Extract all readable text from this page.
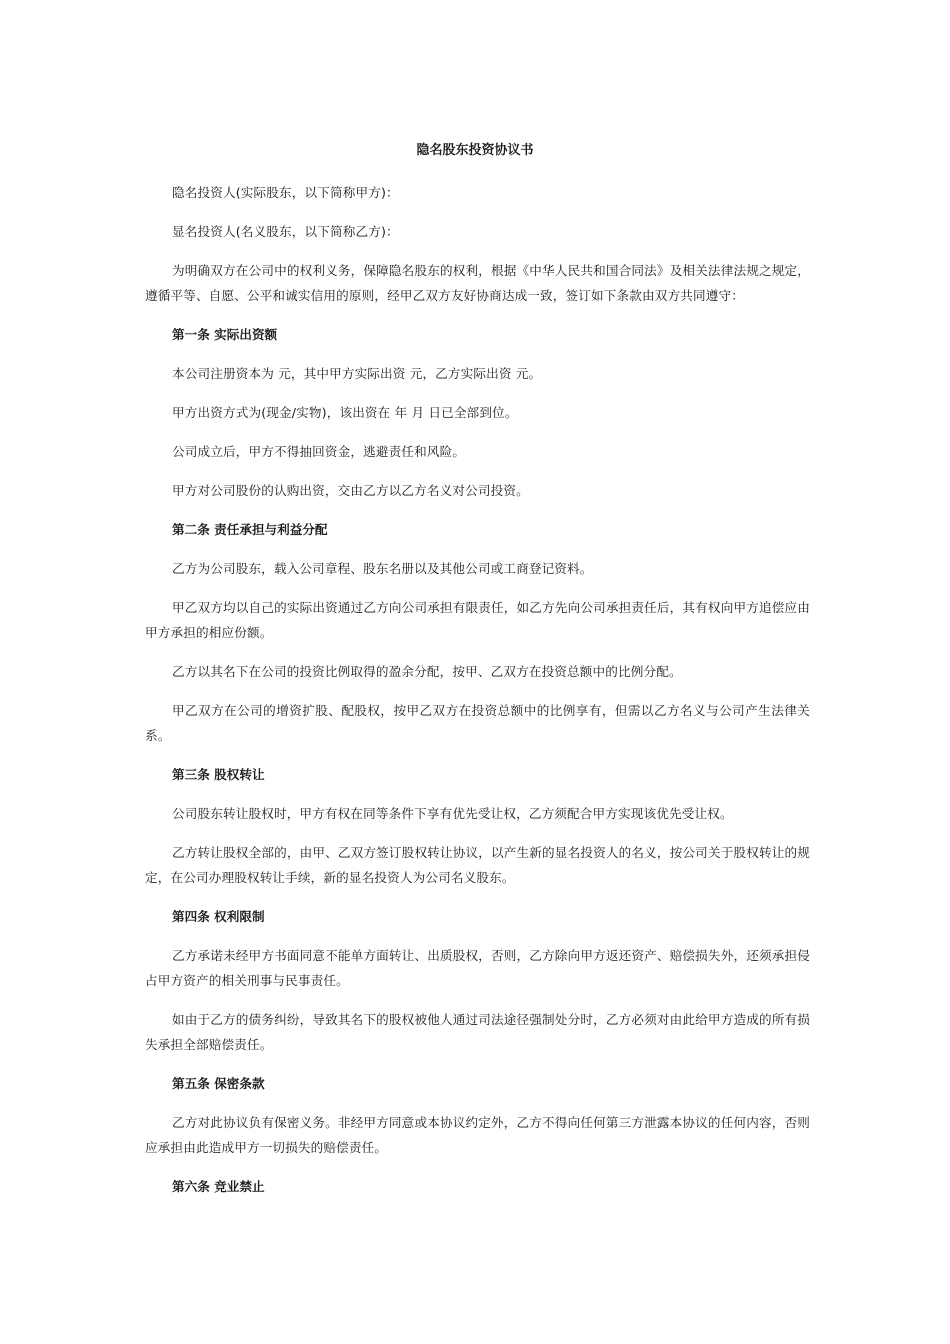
隐名股东投资协议书

隐名投资人(实际股东，以下简称甲方)：

显名投资人(名义股东，以下简称乙方)：

为明确双方在公司中的权利义务，保障隐名股东的权利，根据《中华人民共和国合同法》及相关法律法规之规定，遵循平等、自愿、公平和诚实信用的原则，经甲乙双方友好协商达成一致，签订如下条款由双方共同遵守：

第一条 实际出资额

本公司注册资本为 元，其中甲方实际出资 元，乙方实际出资 元。

甲方出资方式为(现金/实物)，该出资在 年 月 日已全部到位。

公司成立后，甲方不得抽回资金，逃避责任和风险。

甲方对公司股份的认购出资，交由乙方以乙方名义对公司投资。

第二条 责任承担与利益分配

乙方为公司股东，载入公司章程、股东名册以及其他公司或工商登记资料。

甲乙双方均以自己的实际出资通过乙方向公司承担有限责任，如乙方先向公司承担责任后，其有权向甲方追偿应由甲方承担的相应份额。

乙方以其名下在公司的投资比例取得的盈余分配，按甲、乙双方在投资总额中的比例分配。

甲乙双方在公司的增资扩股、配股权，按甲乙双方在投资总额中的比例享有，但需以乙方名义与公司产生法律关系。

第三条 股权转让

公司股东转让股权时，甲方有权在同等条件下享有优先受让权，乙方须配合甲方实现该优先受让权。

乙方转让股权全部的，由甲、乙双方签订股权转让协议，以产生新的显名投资人的名义，按公司关于股权转让的规定，在公司办理股权转让手续，新的显名投资人为公司名义股东。

第四条 权利限制

乙方承诺未经甲方书面同意不能单方面转让、出质股权，否则，乙方除向甲方返还资产、赔偿损失外，还须承担侵占甲方资产的相关刑事与民事责任。

如由于乙方的债务纠纷，导致其名下的股权被他人通过司法途径强制处分时，乙方必须对由此给甲方造成的所有损失承担全部赔偿责任。

第五条 保密条款

乙方对此协议负有保密义务。非经甲方同意或本协议约定外，乙方不得向任何第三方泄露本协议的任何内容，否则应承担由此造成甲方一切损失的赔偿责任。

第六条 竞业禁止
